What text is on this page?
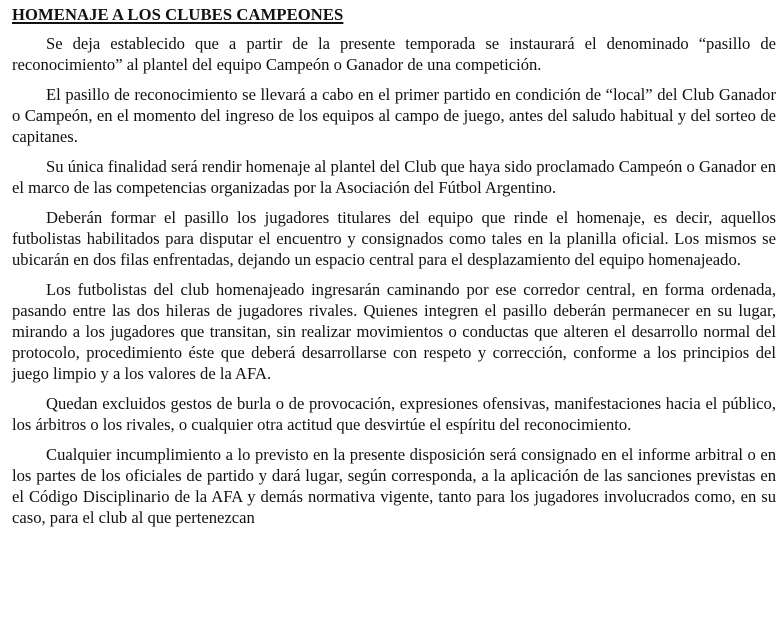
HOMENAJE A LOS CLUBES CAMPEONES

Se deja establecido que a partir de la presente temporada se instaurará el denominado “pasillo de reconocimiento” al plantel del equipo Campeón o Ganador de una competición.

El pasillo de reconocimiento se llevará a cabo en el primer partido en condición de “local” del Club Ganador o Campeón, en el momento del ingreso de los equipos al campo de juego, antes del saludo habitual y del sorteo de capitanes.

Su única finalidad será rendir homenaje al plantel del Club que haya sido proclamado Campeón o Ganador en el marco de las competencias organizadas por la Asociación del Fútbol Argentino.

Deberán formar el pasillo los jugadores titulares del equipo que rinde el homenaje, es decir, aquellos futbolistas habilitados para disputar el encuentro y consignados como tales en la planilla oficial. Los mismos se ubicarán en dos filas enfrentadas, dejando un espacio central para el desplazamiento del equipo homenajeado.

Los futbolistas del club homenajeado ingresarán caminando por ese corredor central, en forma ordenada, pasando entre las dos hileras de jugadores rivales. Quienes integren el pasillo deberán permanecer en su lugar, mirando a los jugadores que transitan, sin realizar movimientos o conductas que alteren el desarrollo normal del protocolo, procedimiento éste que deberá desarrollarse con respeto y corrección, conforme a los principios del juego limpio y a los valores de la AFA.

Quedan excluidos gestos de burla o de provocación, expresiones ofensivas, manifestaciones hacia el público, los árbitros o los rivales, o cualquier otra actitud que desvirtúe el espíritu del reconocimiento.

Cualquier incumplimiento a lo previsto en la presente disposición será consignado en el informe arbitral o en los partes de los oficiales de partido y dará lugar, según corresponda, a la aplicación de las sanciones previstas en el Código Disciplinario de la AFA y demás normativa vigente, tanto para los jugadores involucrados como, en su caso, para el club al que pertenezcan
